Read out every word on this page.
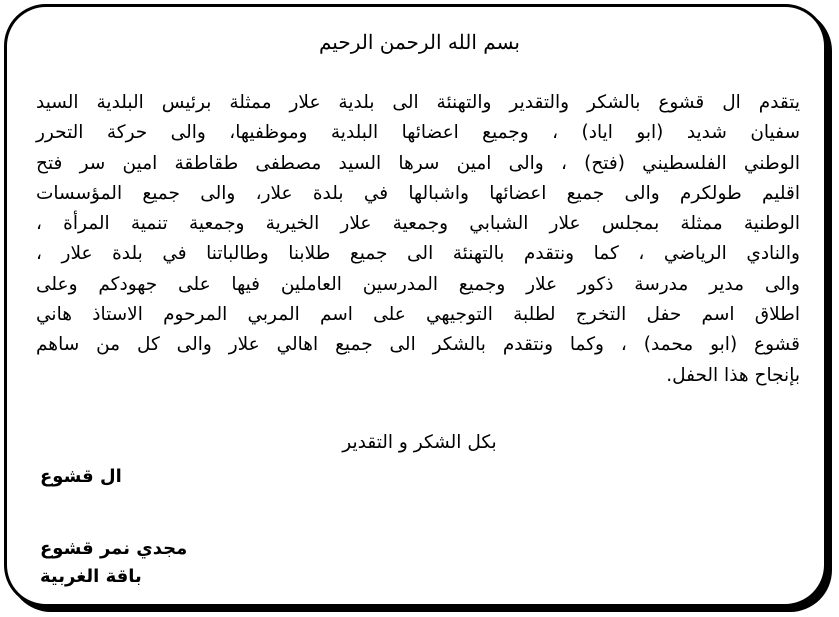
بسم الله الرحمن الرحيم
يتقدم ال قشوع بالشكر والتقدير والتهنئة الى بلدية علار ممثلة برئيس البلدية السيد
سفيان شديد (ابو اياد) ، وجميع اعضائها البلدية وموظفيها، والى حركة التحرر
الوطني الفلسطيني (فتح) ، والى امين سرها السيد مصطفى طقاطقة امين سر فتح
اقليم طولكرم والى جميع اعضائها واشبالها في بلدة علار، والى جميع المؤسسات
الوطنية ممثلة بمجلس علار الشبابي وجمعية علار الخيرية وجمعية تنمية المرأة ،
والنادي الرياضي ، كما ونتقدم بالتهنئة الى جميع طلابنا وطالباتنا في بلدة علار ،
والى مدير مدرسة ذكور علار وجميع المدرسين العاملين فيها على جهودكم وعلى
اطلاق اسم حفل التخرج لطلبة التوجيهي على اسم المربي المرحوم الاستاذ هاني
قشوع (ابو محمد) ، وكما ونتقدم بالشكر الى جميع اهالي علار والى كل من ساهم
بإنجاح هذا الحفل.
بكل الشكر و التقدير
ال قشوع
مجدي نمر قشوع
باقة الغربية
